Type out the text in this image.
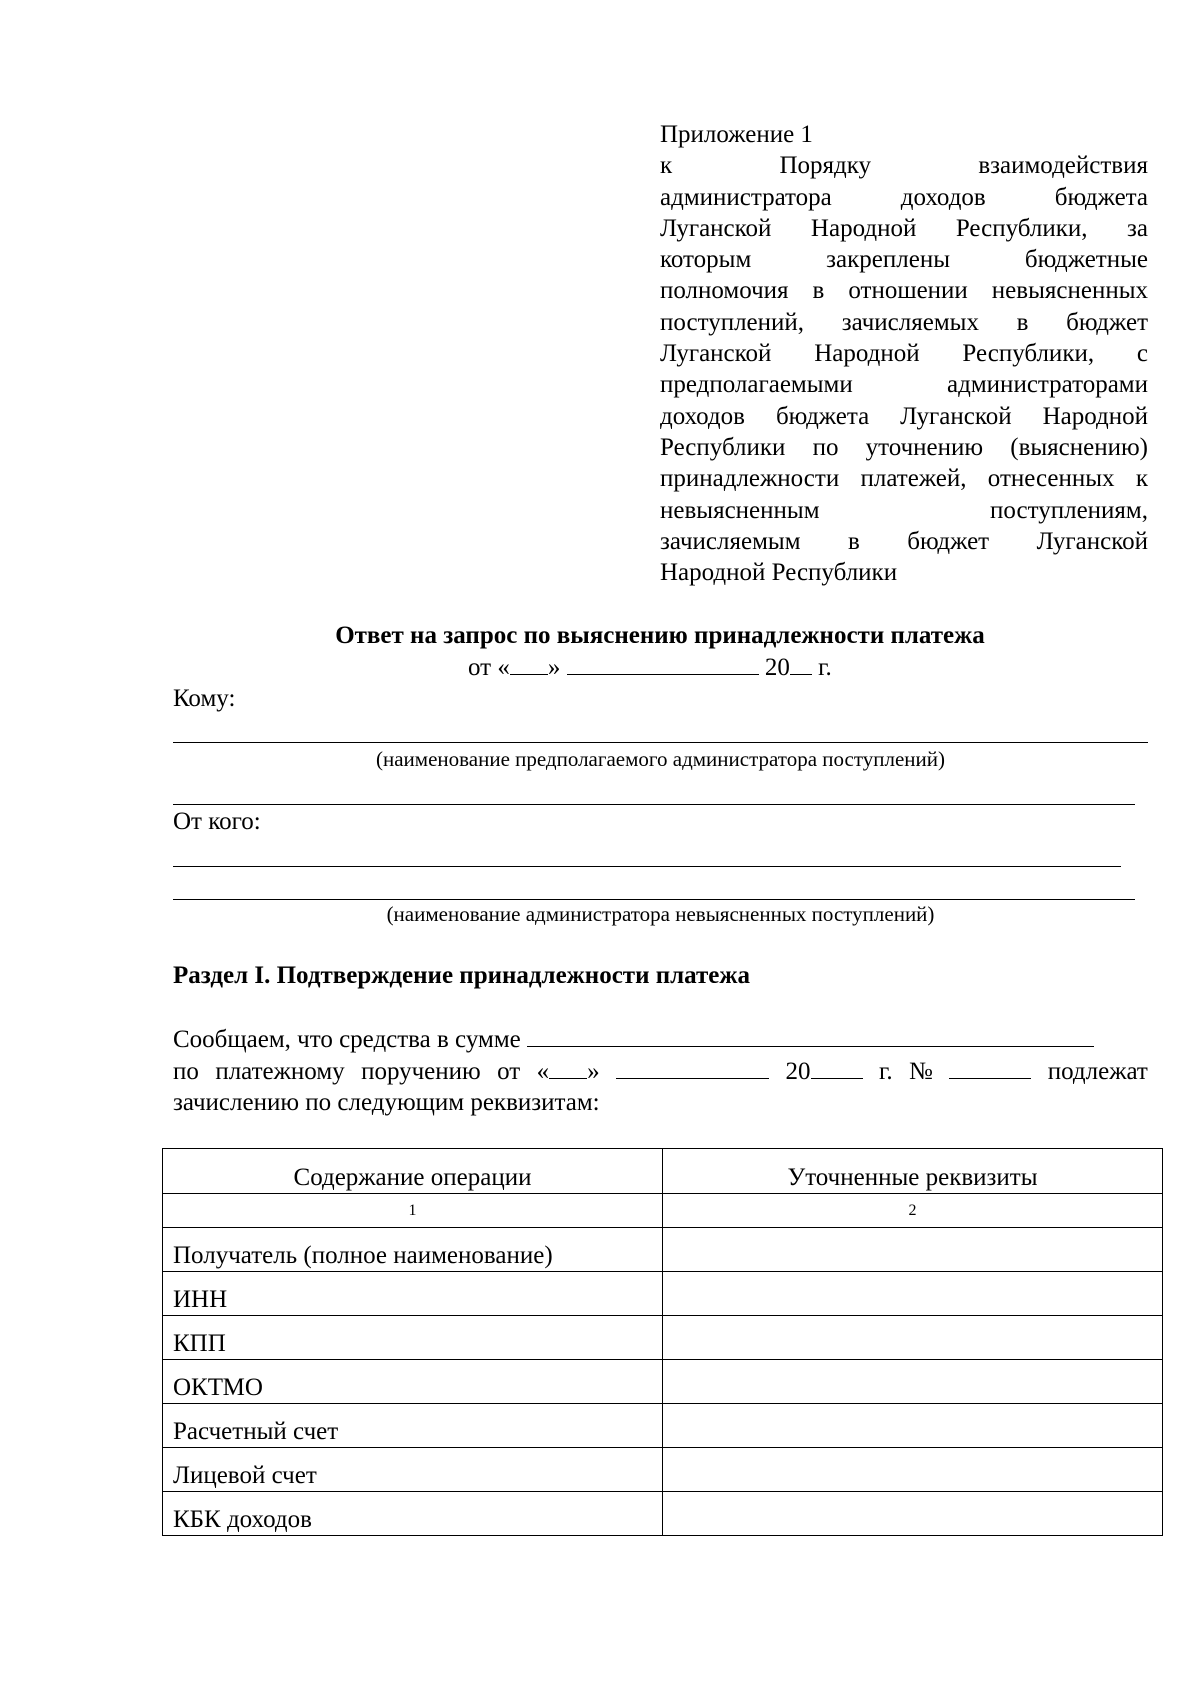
Приложение 1
к Порядку взаимодействия
администратора доходов бюджета
Луганской Народной Республики, за
которым закреплены бюджетные
полномочия в отношении невыясненных
поступлений, зачисляемых в бюджет
Луганской Народной Республики, с
предполагаемыми администраторами
доходов бюджета Луганской Народной
Республики по уточнению (выяснению)
принадлежности платежей, отнесенных к
невыясненным поступлениям,
зачисляемым в бюджет Луганской
Народной Республики
Ответ на запрос по выяснению принадлежности платежа
от « »	20 г.
Кому:
(наименование предполагаемого администратора поступлений)
От кого:
(наименование администратора невыясненных поступлений)
Раздел I. Подтверждение принадлежности платежа
Сообщаем, что средства в сумме
по платежному поручению от « »	20	г. №	подлежат
зачислению по следующим реквизитам:
Содержание операции	Уточненные реквизиты
1	2
Получатель (полное наименование)	
ИНН	
КПП	
ОКТМО	
Расчетный счет	
Лицевой счет	
КБК доходов	
